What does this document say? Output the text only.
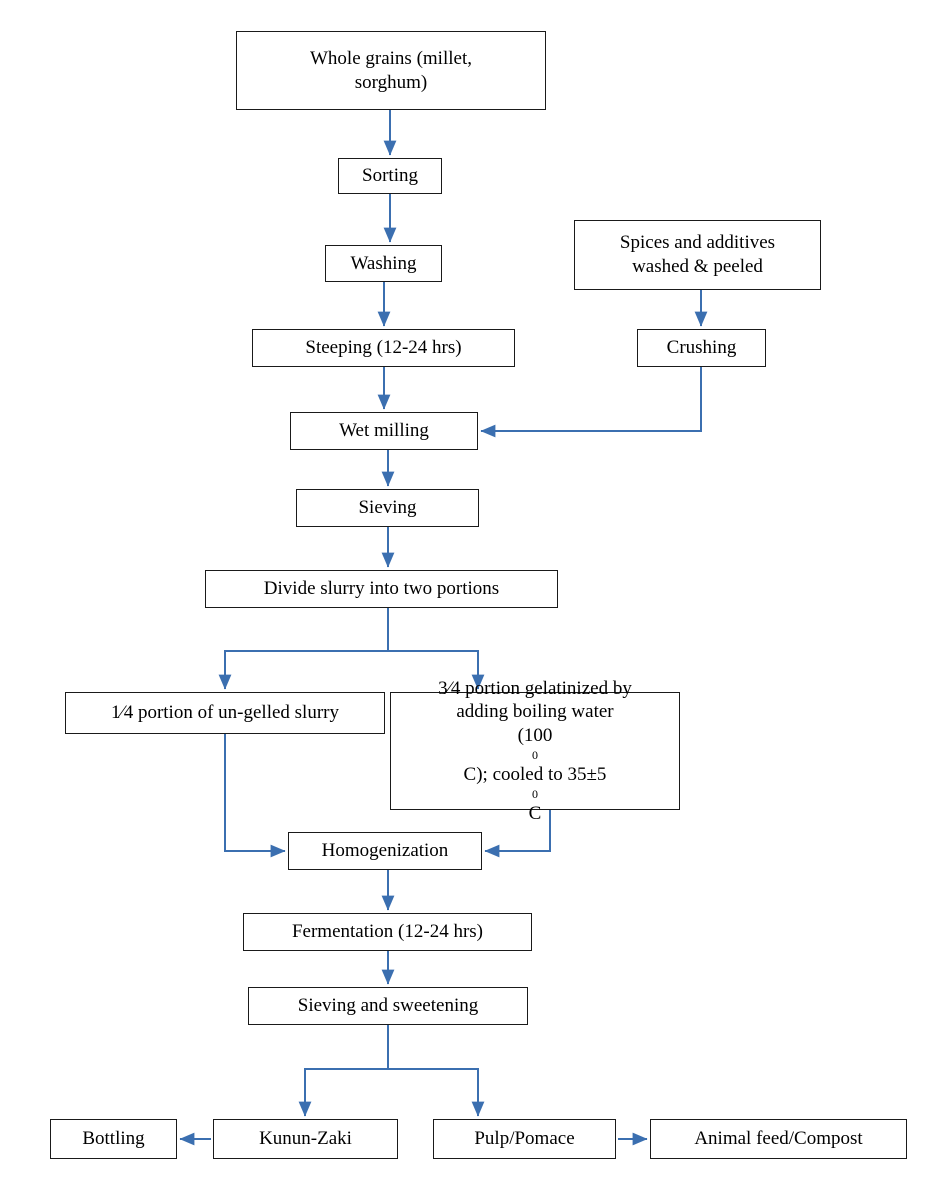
Whole grains (millet,
sorghum)
Sorting
Washing
Spices and additives
washed & peeled
Steeping (12-24 hrs)	Crushing
Wet milling
Sieving
Divide slurry into two portions
1⁄4 portion of un-gelled slurry
3⁄4 portion gelatinized by
adding boiling water
(100
0
C); cooled to 35±5
0
C
Homogenization
Fermentation (12-24 hrs)
Sieving and sweetening
Bottling	Kunun-Zaki	Pulp/Pomace	Animal feed/Compost
